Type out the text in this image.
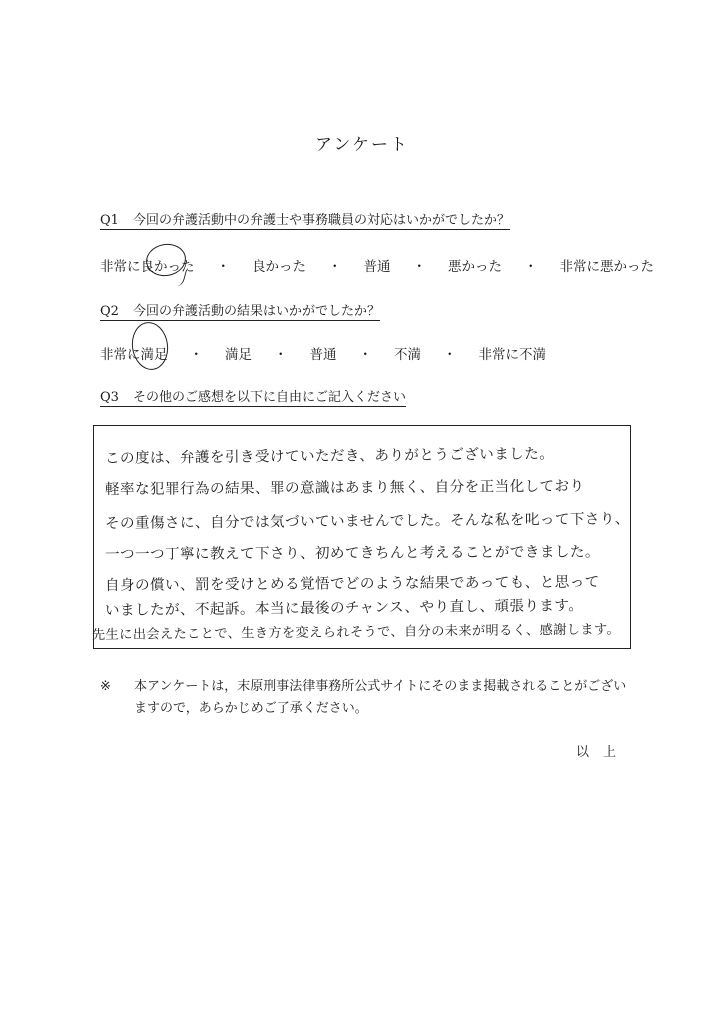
アンケート
Q1 今回の弁護活動中の弁護士や事務職員の対応はいかがでしたか？
非常に良かった ・ 良かった ・ 普通 ・ 悪かった ・ 非常に悪かった
Q2 今回の弁護活動の結果はいかがでしたか？
非常に満足 ・ 満足 ・ 普通 ・ 不満 ・ 非常に不満
Q3 その他のご感想を以下に自由にご記入ください
この度は、弁護を引き受けていただき、ありがとうございました。
軽率な犯罪行為の結果、罪の意識はあまり無く、自分を正当化しており
その重傷さに、自分では気づいていませんでした。そんな私を叱って下さり、
一つ一つ丁寧に教えて下さり、初めてきちんと考えることができました。
自身の償い、罰を受けとめる覚悟でどのような結果であっても、と思って
いましたが、不起訴。本当に最後のチャンス、やり直し、頑張ります。
先生に出会えたことで、生き方を変えられそうで、自分の未来が明るく、感謝します。
※ 本アンケートは，末原刑事法律事務所公式サイトにそのまま掲載されることがございますので，あらかじめご了承ください。
以上
